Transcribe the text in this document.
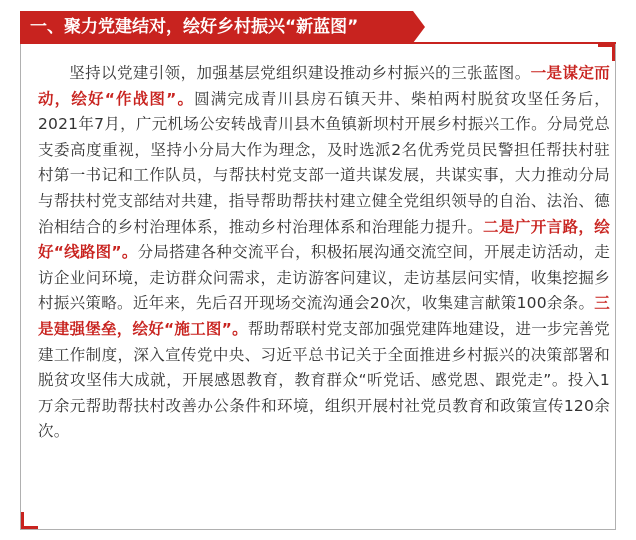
一、聚力党建结对，绘好乡村振兴“新蓝图”

坚持以党建引领，加强基层党组织建设推动乡村振兴的三张蓝图。一是谋定而动，绘好“作战图”。圆满完成青川县房石镇天井、柴柏两村脱贫攻坚任务后，2021年7月，广元机场公安转战青川县木鱼镇新坝村开展乡村振兴工作。分局党总支委高度重视，坚持小分局大作为理念，及时选派2名优秀党员民警担任帮扶村驻村第一书记和工作队员，与帮扶村党支部一道共谋发展，共谋实事，大力推动分局与帮扶村党支部结对共建，指导帮助帮扶村建立健全党组织领导的自治、法治、德治相结合的乡村治理体系，推动乡村治理体系和治理能力提升。二是广开言路，绘好“线路图”。分局搭建各种交流平台，积极拓展沟通交流空间，开展走访活动，走访企业问环境，走访群众问需求，走访游客问建议，走访基层问实情，收集挖掘乡村振兴策略。近年来，先后召开现场交流沟通会20次，收集建言献策100余条。三是建强堡垒，绘好“施工图”。帮助帮联村党支部加强党建阵地建设，进一步完善党建工作制度，深入宣传党中央、习近平总书记关于全面推进乡村振兴的决策部署和脱贫攻坚伟大成就，开展感恩教育，教育群众“听党话、感党恩、跟党走”。投入1万余元帮助帮扶村改善办公条件和环境，组织开展村社党员教育和政策宣传120余次。
